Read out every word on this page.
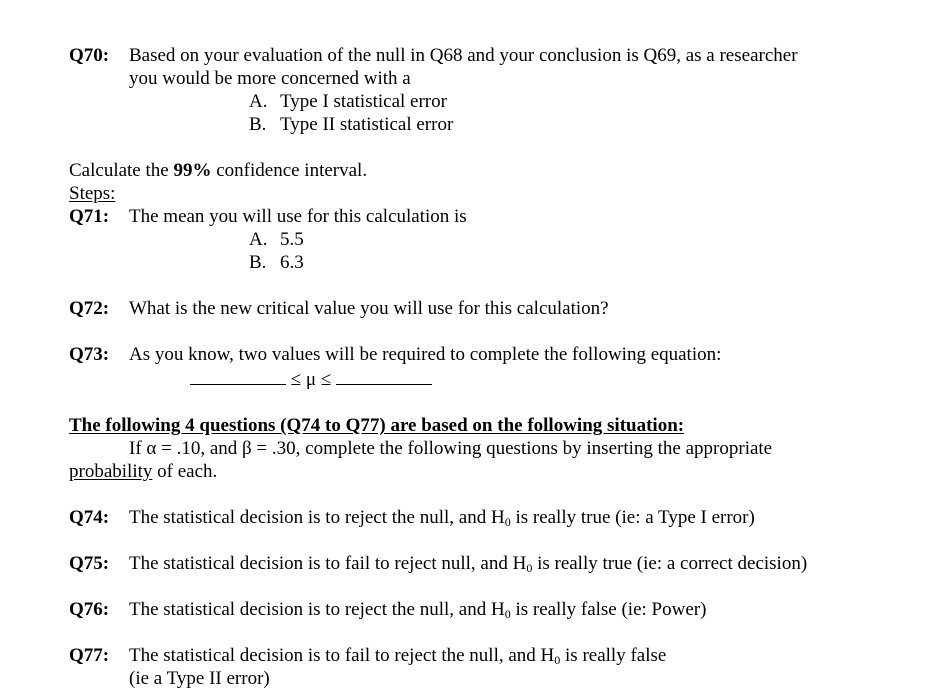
Q70: Based on your evaluation of the null in Q68 and your conclusion is Q69, as a researcher
you would be more concerned with a
A. Type I statistical error
B. Type II statistical error
Calculate the 99% confidence interval.
Steps:
Q71: The mean you will use for this calculation is
A. 5.5
B. 6.3
Q72: What is the new critical value you will use for this calculation?
Q73: As you know, two values will be required to complete the following equation:
≤ μ ≤
The following 4 questions (Q74 to Q77) are based on the following situation:
If α = .10, and β = .30, complete the following questions by inserting the appropriate
probability of each.
Q74: The statistical decision is to reject the null, and $H_0$ is really true (ie: a Type I error)
Q75: The statistical decision is to fail to reject null, and $H_0$ is really true (ie: a correct decision)
Q76: The statistical decision is to reject the null, and $H_0$ is really false (ie: Power)
Q77: The statistical decision is to fail to reject the null, and $H_0$ is really false
(ie a Type II error)
